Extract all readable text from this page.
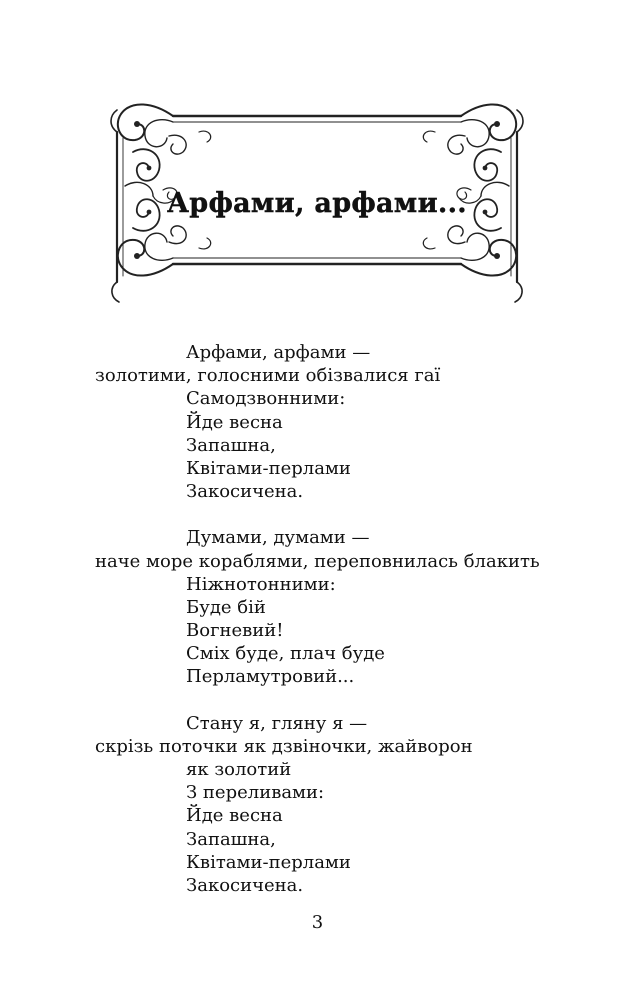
Арфами, арфами...
Арфами, арфами —
золотими, голосними обізвалися гаї
Самодзвонними:
Йде весна
Запашна,
Квітами-перлами
Закосичена.
Думами, думами —
наче море кораблями, переповнилась блакить
Ніжнотонними:
Буде бій
Вогневий!
Сміх буде, плач буде
Перламутровий...
Стану я, гляну я —
скрізь поточки як дзвіночки, жайворон
як золотий
З переливами:
Йде весна
Запашна,
Квітами-перлами
Закосичена.
3
